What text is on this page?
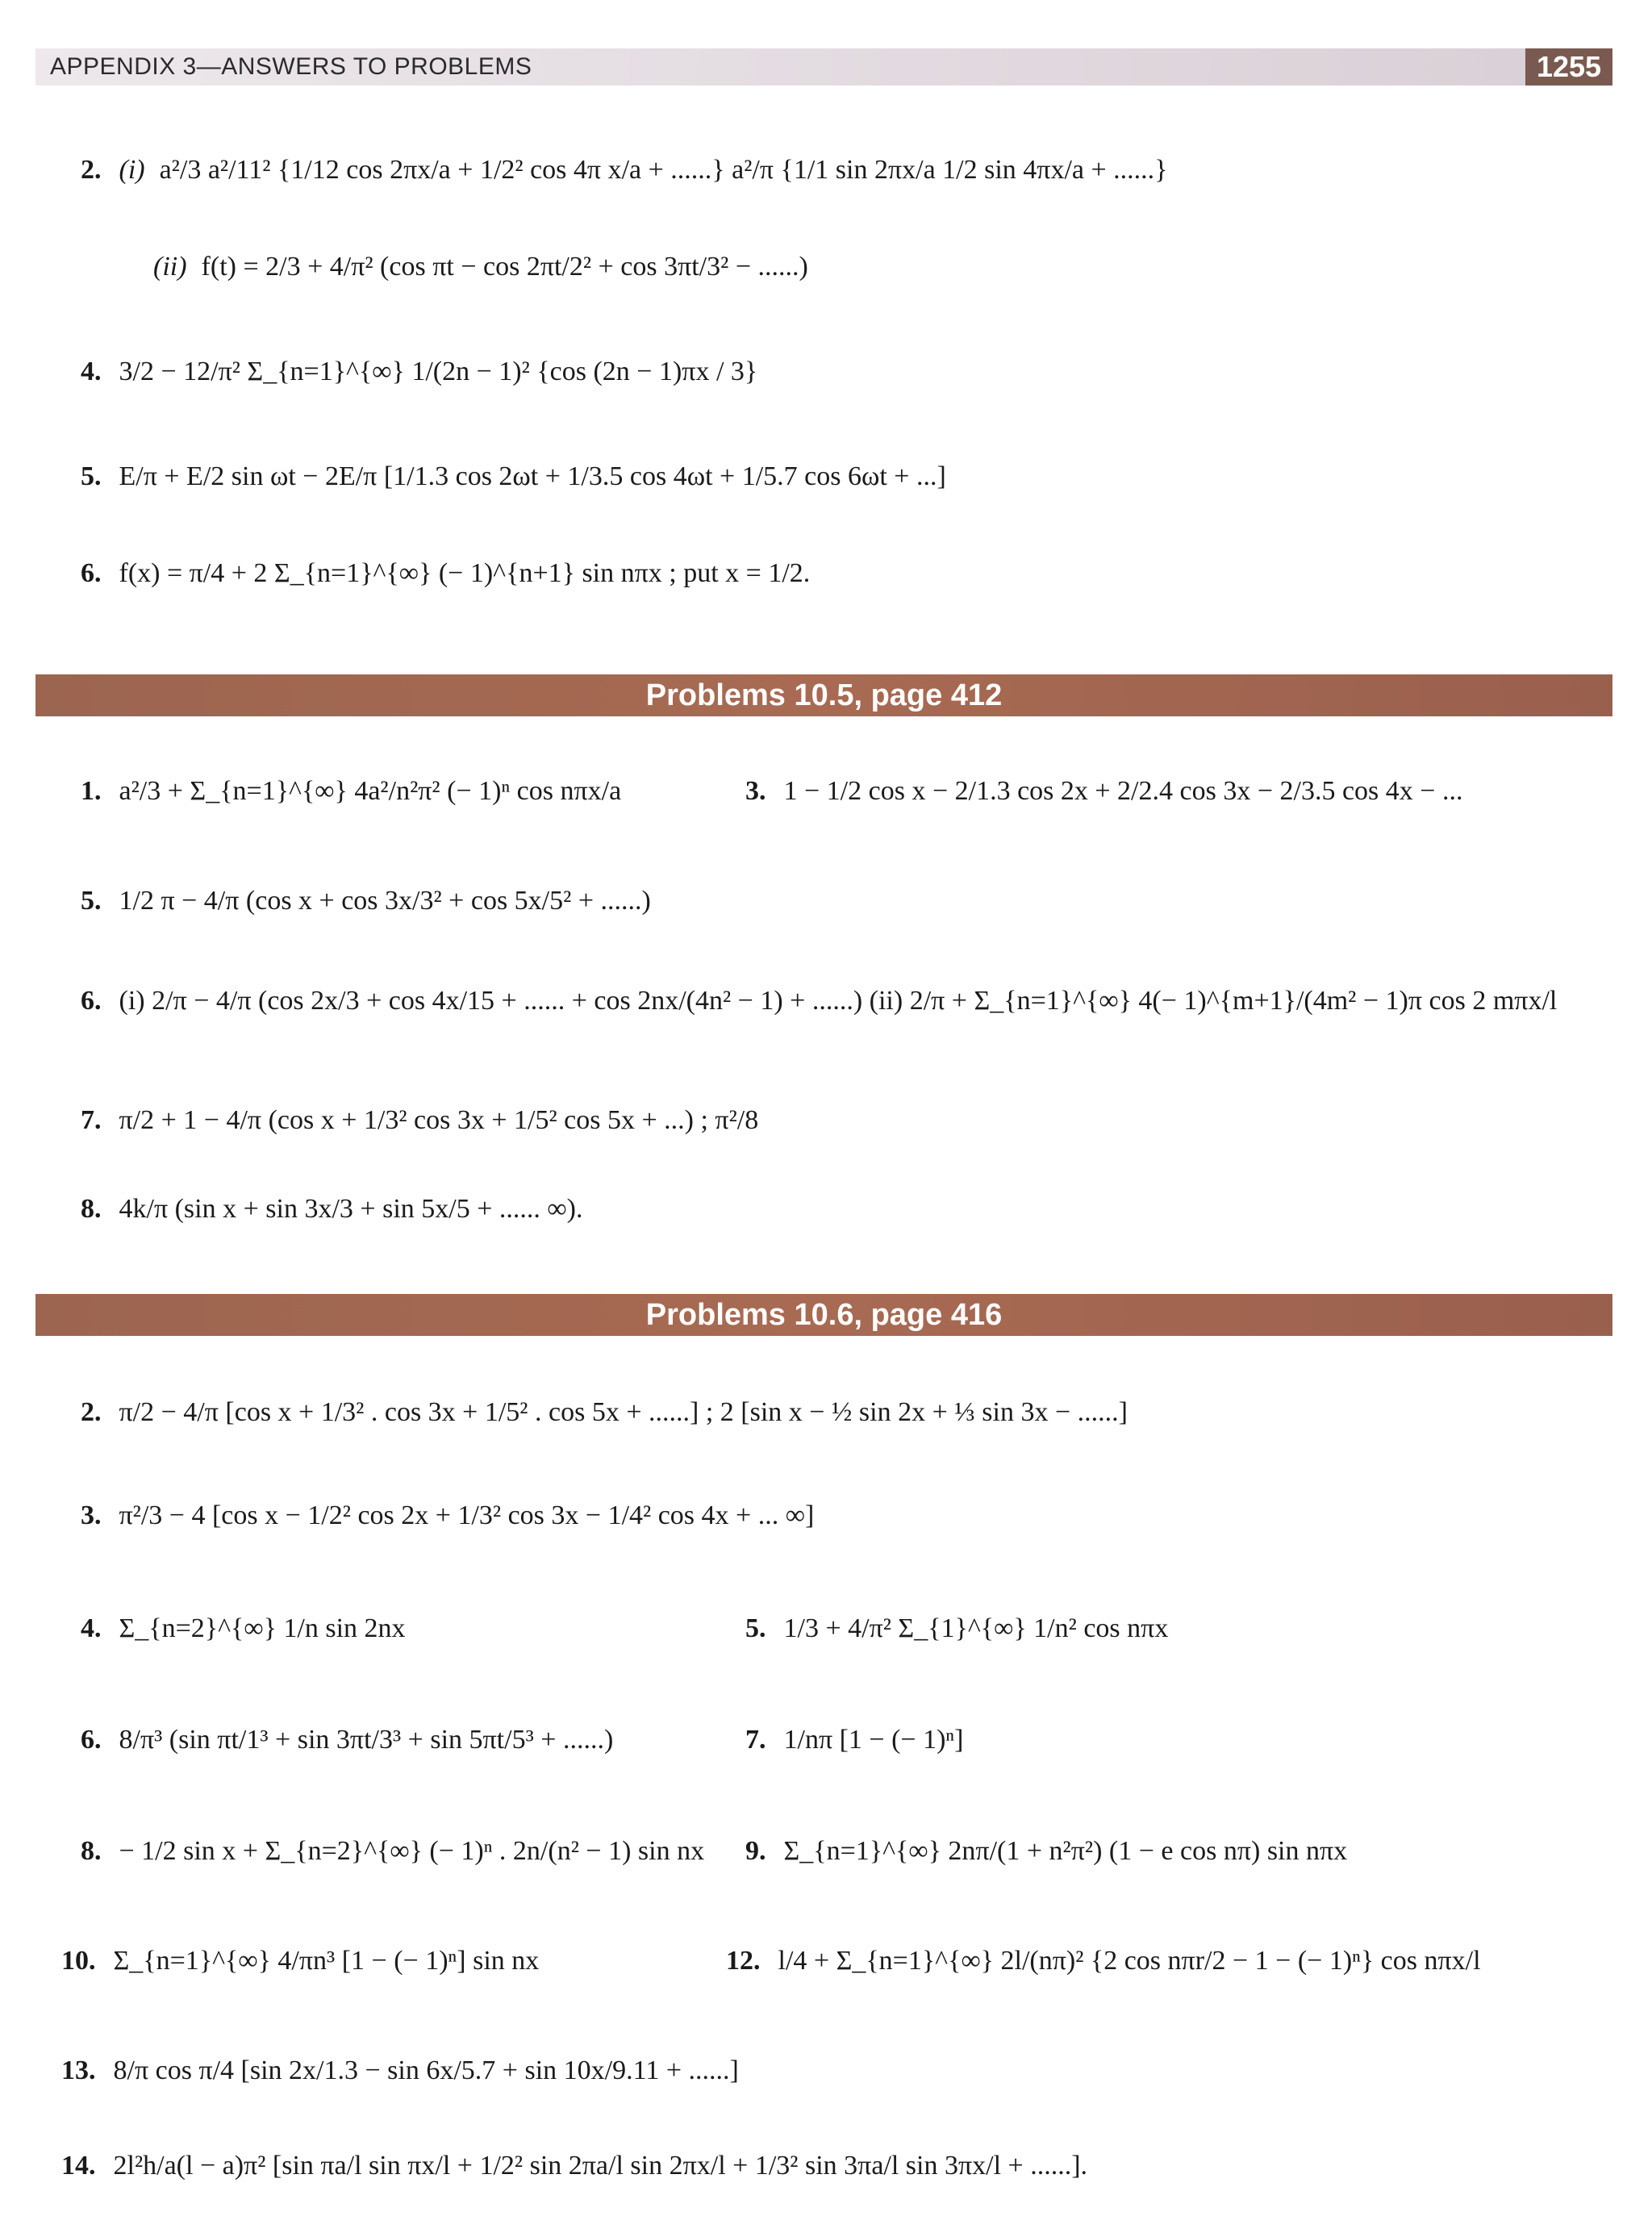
APPENDIX 3—ANSWERS TO PROBLEMS	1255
2. (i) a²/3 a²/11² {1/12 cos 2πx/a + 1/2² cos 4π x/a + ......} a²/π {1/1 sin 2πx/a 1/2 sin 4πx/a + ......}
(ii) f(t) = 2/3 + 4/π² (cos πt − cos 2πt/2² + cos 3πt/3² − ......)
4. 3/2 − 12/π² Σ_{n=1}^{∞} 1/(2n − 1)² {cos (2n − 1)πx / 3}
5. E/π + E/2 sin ωt − 2E/π [1/1.3 cos 2ωt + 1/3.5 cos 4ωt + 1/5.7 cos 6ωt + ...]
6. f(x) = π/4 + 2 Σ_{n=1}^{∞} (− 1)^{n+1} sin nπx ; put x = 1/2.
Problems 10.5, page 412
1. a²/3 + Σ_{n=1}^{∞} 4a²/n²π² (− 1)ⁿ cos nπx/a	3. 1 − 1/2 cos x − 2/1.3 cos 2x + 2/2.4 cos 3x − 2/3.5 cos 4x − ...
5. 1/2 π − 4/π (cos x + cos 3x/3² + cos 5x/5² + ......)
6. (i) 2/π − 4/π (cos 2x/3 + cos 4x/15 + ...... + cos 2nx/(4n² − 1) + ......) (ii) 2/π + Σ_{n=1}^{∞} 4(− 1)^{m+1}/(4m² − 1)π cos 2 mπx/l
7. π/2 + 1 − 4/π (cos x + 1/3² cos 3x + 1/5² cos 5x + ...) ; π²/8
8. 4k/π (sin x + sin 3x/3 + sin 5x/5 + ...... ∞).
Problems 10.6, page 416
2. π/2 − 4/π [cos x + 1/3² . cos 3x + 1/5² . cos 5x + ......] ; 2 [sin x − ½ sin 2x + ⅓ sin 3x − ......]
3. π²/3 − 4 [cos x − 1/2² cos 2x + 1/3² cos 3x − 1/4² cos 4x + ... ∞]
4. Σ_{n=2}^{∞} 1/n sin 2nx	5. 1/3 + 4/π² Σ_{1}^{∞} 1/n² cos nπx
6. 8/π³ (sin πt/1³ + sin 3πt/3³ + sin 5πt/5³ + ......)	7. 1/nπ [1 − (− 1)ⁿ]
8. − 1/2 sin x + Σ_{n=2}^{∞} (− 1)ⁿ . 2n/(n² − 1) sin nx 9. Σ_{n=1}^{∞} 2nπ/(1 + n²π²) (1 − e cos nπ) sin nπx
10. Σ_{n=1}^{∞} 4/πn³ [1 − (− 1)ⁿ] sin nx	12. l/4 + Σ_{n=1}^{∞} 2l/(nπ)² {2 cos nπr/2 − 1 − (− 1)ⁿ} cos nπx/l
13. 8/π cos π/4 [sin 2x/1.3 − sin 6x/5.7 + sin 10x/9.11 + ......]
14. 2l²h/a(l − a)π² [sin πa/l sin πx/l + 1/2² sin 2πa/l sin 2πx/l + 1/3² sin 3πa/l sin 3πx/l + ......].
